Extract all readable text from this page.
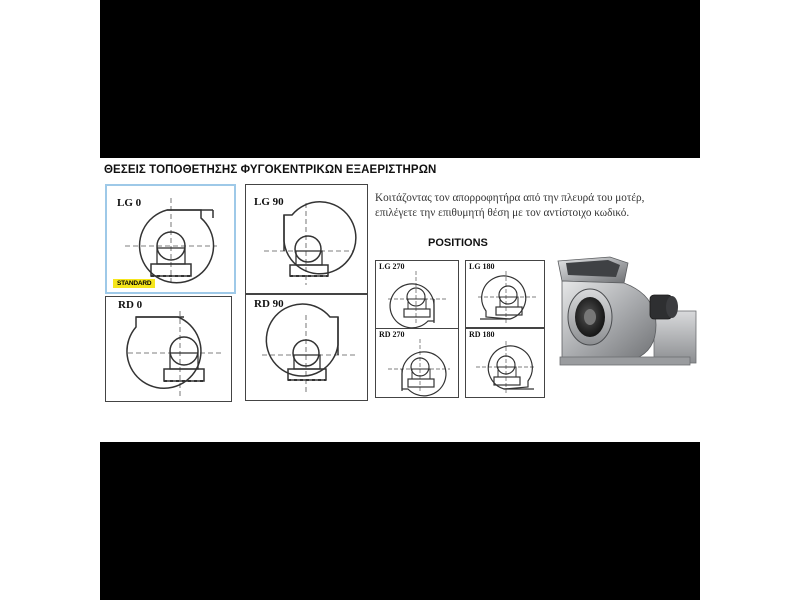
ΘΕΣΕΙΣ ΤΟΠΟΘΕΤΗΣΗΣ ΦΥΓΟΚΕΝΤΡΙΚΩΝ ΕΞΑΕΡΙΣΤΗΡΩΝ
LG 0
STANDARD
LG 90
RD 0	RD 90
Κοιτάζοντας τον απορροφητήρα από την πλευρά του μοτέρ,
επιλέγετε την επιθυμητή θέση με τον αντίστοιχο κωδικό.
POSITIONS
LG 270	LG 180
RD 270	RD 180
